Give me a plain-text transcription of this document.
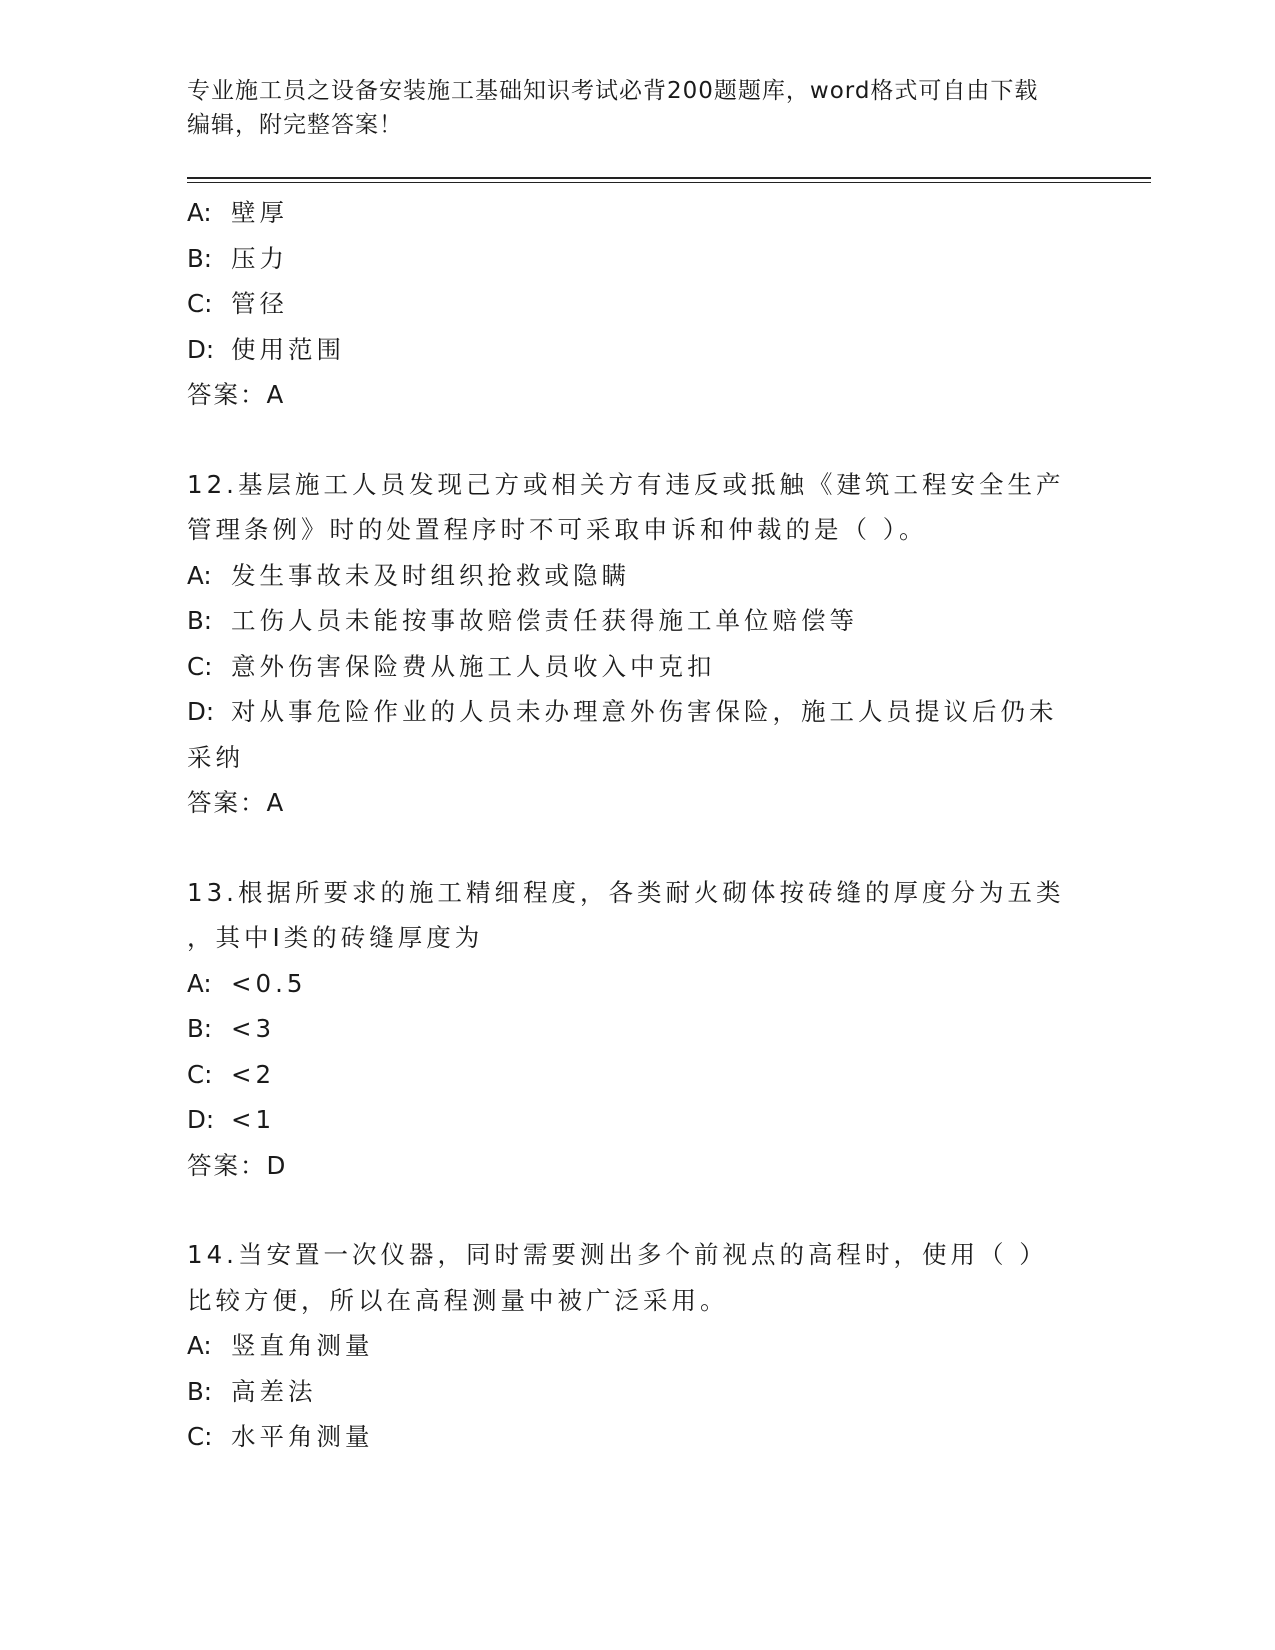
专业施工员之设备安装施工基础知识考试必背200题题库，word格式可自由下载
编辑，附完整答案！
A: 壁厚
B: 压力
C: 管径
D: 使用范围
答案：A
12.基层施工人员发现己方或相关方有违反或抵触《建筑工程安全生产
管理条例》时的处置程序时不可采取申诉和仲裁的是（ ）。
A: 发生事故未及时组织抢救或隐瞒
B: 工伤人员未能按事故赔偿责任获得施工单位赔偿等
C: 意外伤害保险费从施工人员收入中克扣
D: 对从事危险作业的人员未办理意外伤害保险，施工人员提议后仍未
采纳
答案：A
13.根据所要求的施工精细程度，各类耐火砌体按砖缝的厚度分为五类
，其中Ⅰ类的砖缝厚度为
A: <0.5
B: <3
C: <2
D: <1
答案：D
14.当安置一次仪器，同时需要测出多个前视点的高程时，使用（ ）
比较方便，所以在高程测量中被广泛采用。
A: 竖直角测量
B: 高差法
C: 水平角测量
